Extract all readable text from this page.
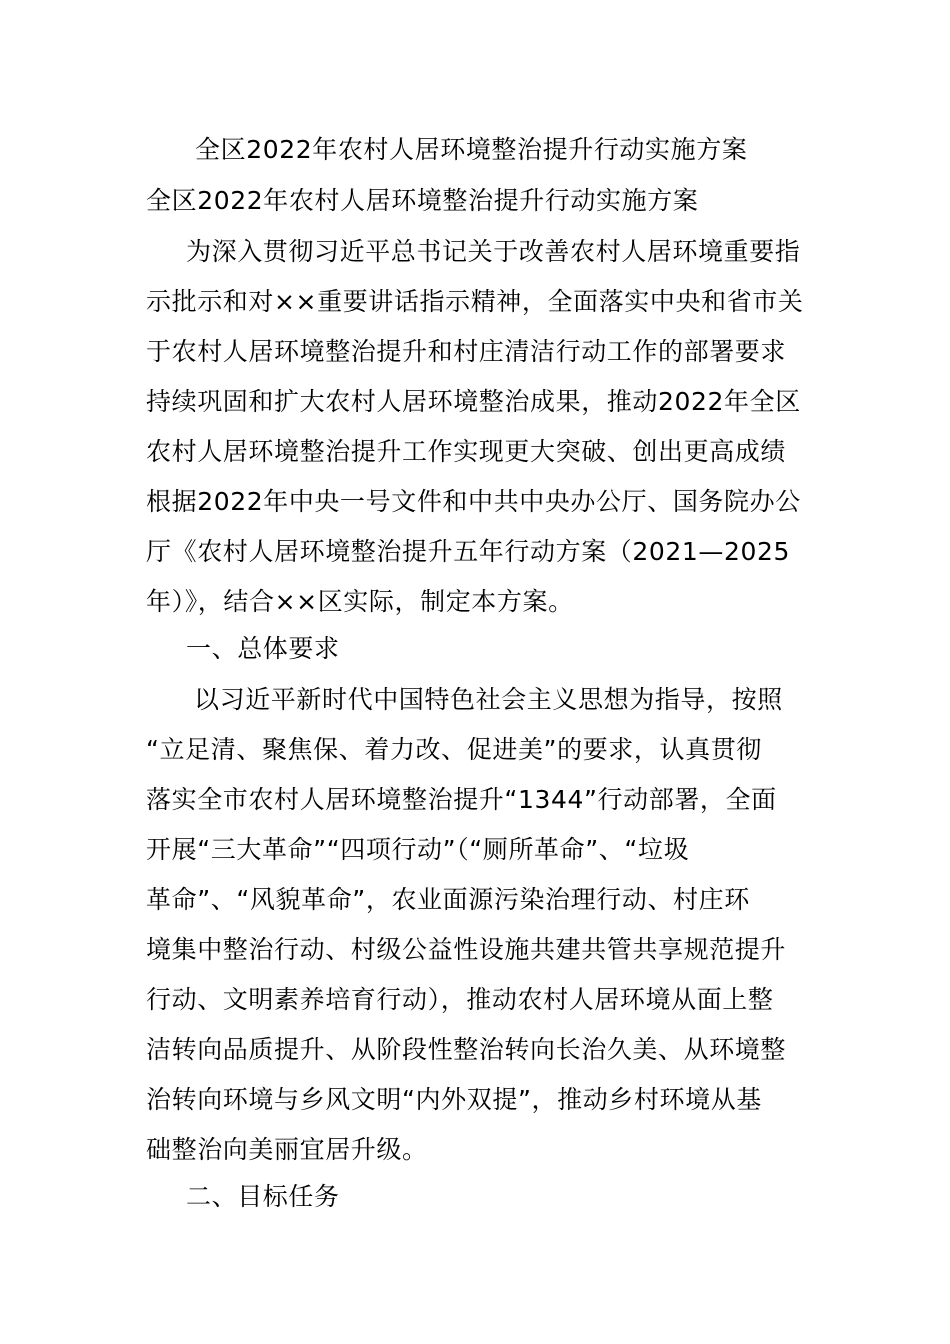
全区2022年农村人居环境整治提升行动实施方案
全区2022年农村人居环境整治提升行动实施方案
为深入贯彻习近平总书记关于改善农村人居环境重要指
示批示和对××重要讲话指示精神，全面落实中央和省市关
于农村人居环境整治提升和村庄清洁行动工作的部署要求
持续巩固和扩大农村人居环境整治成果，推动2022年全区
农村人居环境整治提升工作实现更大突破、创出更高成绩
根据2022年中央一号文件和中共中央办公厅、国务院办公
厅《农村人居环境整治提升五年行动方案（2021—2025
年）》，结合××区实际，制定本方案。
一、总体要求
以习近平新时代中国特色社会主义思想为指导，按照
“立足清、聚焦保、着力改、促进美”的要求，认真贯彻
落实全市农村人居环境整治提升“1344”行动部署，全面
开展“三大革命”“四项行动”（“厕所革命”、“垃圾
革命”、“风貌革命”，农业面源污染治理行动、村庄环
境集中整治行动、村级公益性设施共建共管共享规范提升
行动、文明素养培育行动），推动农村人居环境从面上整
洁转向品质提升、从阶段性整治转向长治久美、从环境整
治转向环境与乡风文明“内外双提”，推动乡村环境从基
础整治向美丽宜居升级。
二、目标任务
